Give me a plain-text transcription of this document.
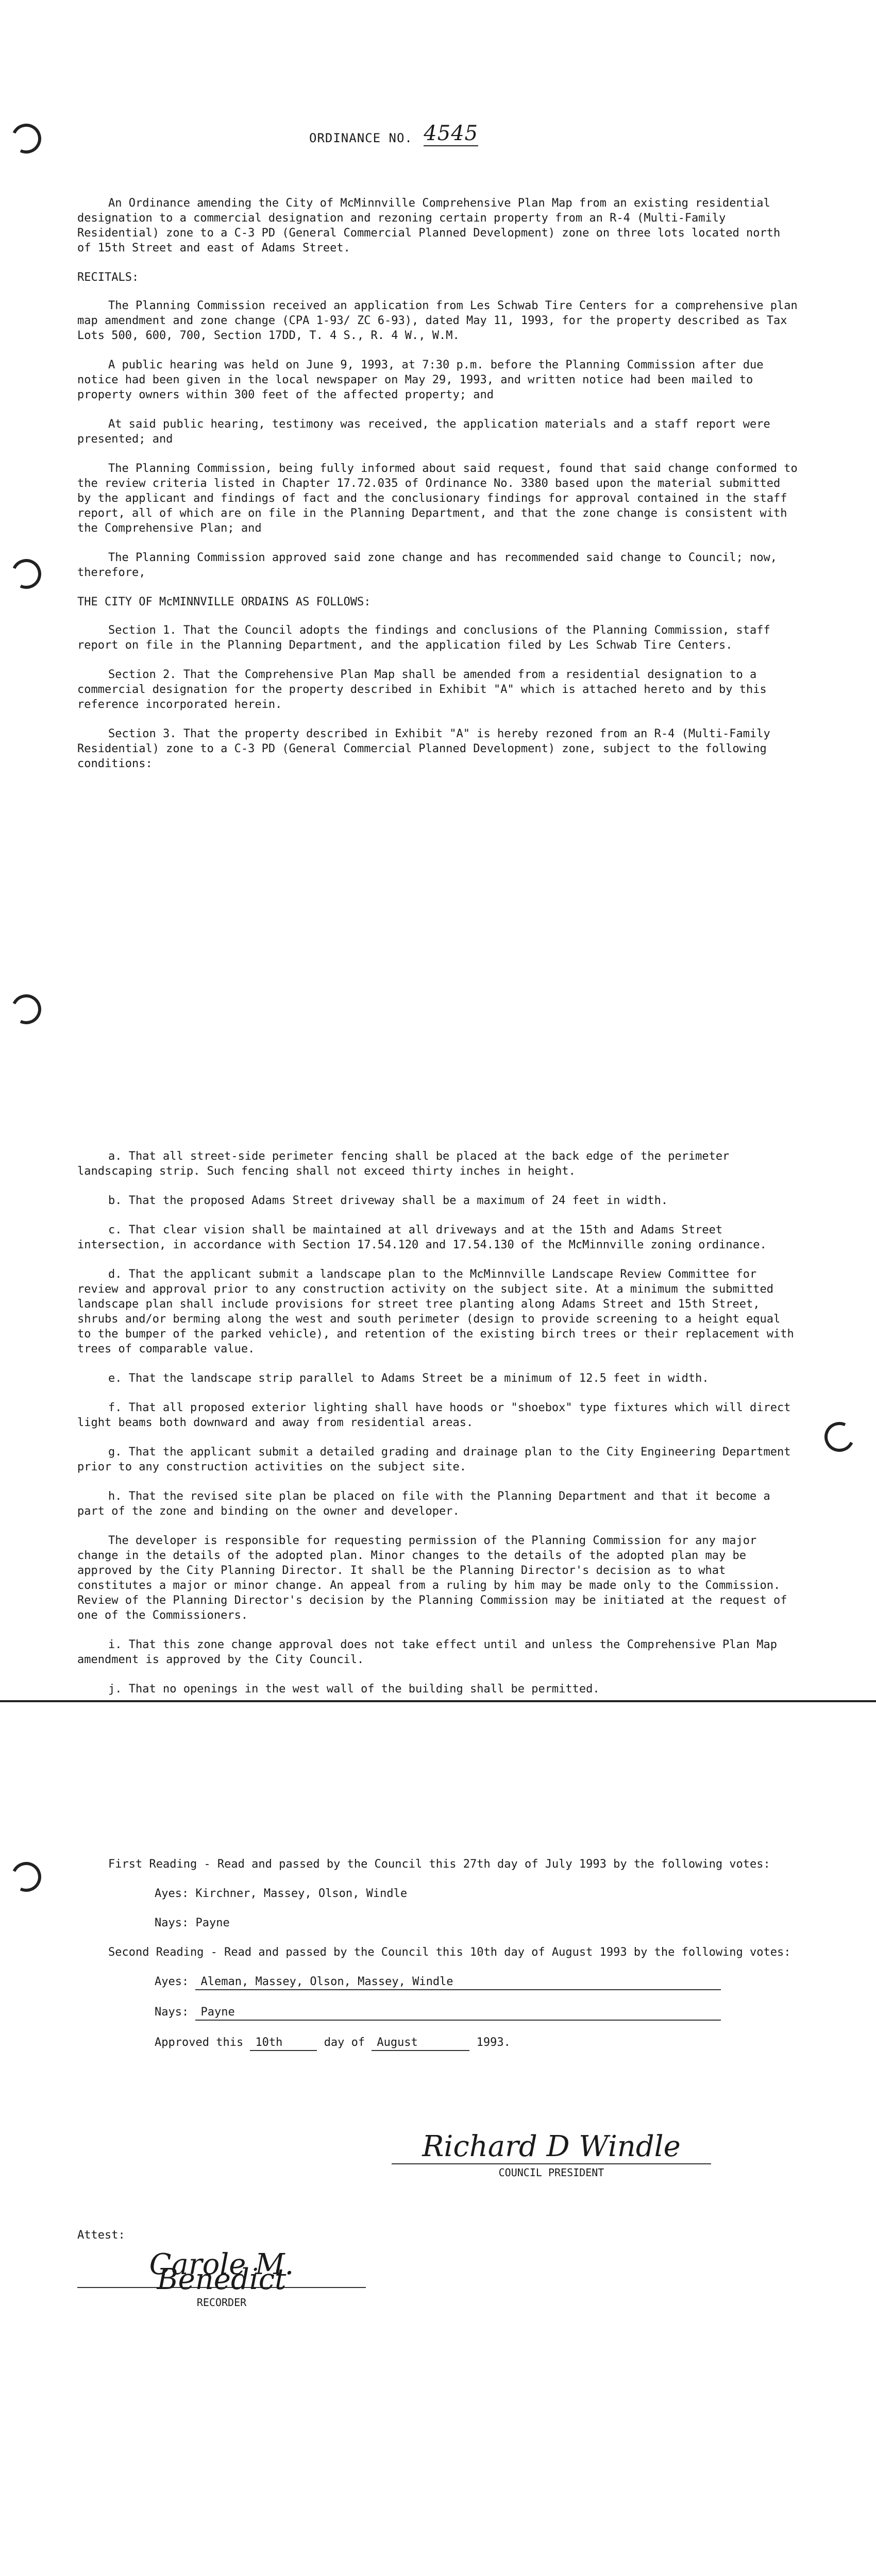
ORDINANCE NO. 4545

An Ordinance amending the City of McMinnville Comprehensive Plan Map from an existing residential designation to a commercial designation and rezoning certain property from an R-4 (Multi-Family Residential) zone to a C-3 PD (General Commercial Planned Development) zone on three lots located north of 15th Street and east of Adams Street.

RECITALS:

The Planning Commission received an application from Les Schwab Tire Centers for a comprehensive plan map amendment and zone change (CPA 1-93/ ZC 6-93), dated May 11, 1993, for the property described as Tax Lots 500, 600, 700, Section 17DD, T. 4 S., R. 4 W., W.M.

A public hearing was held on June 9, 1993, at 7:30 p.m. before the Planning Commission after due notice had been given in the local newspaper on May 29, 1993, and written notice had been mailed to property owners within 300 feet of the affected property; and

At said public hearing, testimony was received, the application materials and a staff report were presented; and

The Planning Commission, being fully informed about said request, found that said change conformed to the review criteria listed in Chapter 17.72.035 of Ordinance No. 3380 based upon the material submitted by the applicant and findings of fact and the conclusionary findings for approval contained in the staff report, all of which are on file in the Planning Department, and that the zone change is consistent with the Comprehensive Plan; and

The Planning Commission approved said zone change and has recommended said change to Council; now, therefore,

THE CITY OF McMINNVILLE ORDAINS AS FOLLOWS:

Section 1. That the Council adopts the findings and conclusions of the Planning Commission, staff report on file in the Planning Department, and the application filed by Les Schwab Tire Centers.

Section 2. That the Comprehensive Plan Map shall be amended from a residential designation to a commercial designation for the property described in Exhibit "A" which is attached hereto and by this reference incorporated herein.

Section 3. That the property described in Exhibit "A" is hereby rezoned from an R-4 (Multi-Family Residential) zone to a C-3 PD (General Commercial Planned Development) zone, subject to the following conditions:

a. That all street-side perimeter fencing shall be placed at the back edge of the perimeter landscaping strip. Such fencing shall not exceed thirty inches in height.

b. That the proposed Adams Street driveway shall be a maximum of 24 feet in width.

c. That clear vision shall be maintained at all driveways and at the 15th and Adams Street intersection, in accordance with Section 17.54.120 and 17.54.130 of the McMinnville zoning ordinance.

d. That the applicant submit a landscape plan to the McMinnville Landscape Review Committee for review and approval prior to any construction activity on the subject site. At a minimum the submitted landscape plan shall include provisions for street tree planting along Adams Street and 15th Street, shrubs and/or berming along the west and south perimeter (design to provide screening to a height equal to the bumper of the parked vehicle), and retention of the existing birch trees or their replacement with trees of comparable value.

e. That the landscape strip parallel to Adams Street be a minimum of 12.5 feet in width.

f. That all proposed exterior lighting shall have hoods or "shoebox" type fixtures which will direct light beams both downward and away from residential areas.

g. That the applicant submit a detailed grading and drainage plan to the City Engineering Department prior to any construction activities on the subject site.

h. That the revised site plan be placed on file with the Planning Department and that it become a part of the zone and binding on the owner and developer.

The developer is responsible for requesting permission of the Planning Commission for any major change in the details of the adopted plan. Minor changes to the details of the adopted plan may be approved by the City Planning Director. It shall be the Planning Director's decision as to what constitutes a major or minor change. An appeal from a ruling by him may be made only to the Commission. Review of the Planning Director's decision by the Planning Commission may be initiated at the request of one of the Commissioners.

i. That this zone change approval does not take effect until and unless the Comprehensive Plan Map amendment is approved by the City Council.

j. That no openings in the west wall of the building shall be permitted.

First Reading - Read and passed by the Council this 27th day of July 1993 by the following votes:

Ayes: Kirchner, Massey, Olson, Windle

Nays: Payne

Second Reading - Read and passed by the Council this 10th day of August 1993 by the following votes:

Ayes: Aleman, Massey, Olson, Massey, Windle

Nays: Payne

Approved this 10th	day of August	1993.

Richard D Windle
COUNCIL PRESIDENT

Attest:

Carole M. Benedict
RECORDER
